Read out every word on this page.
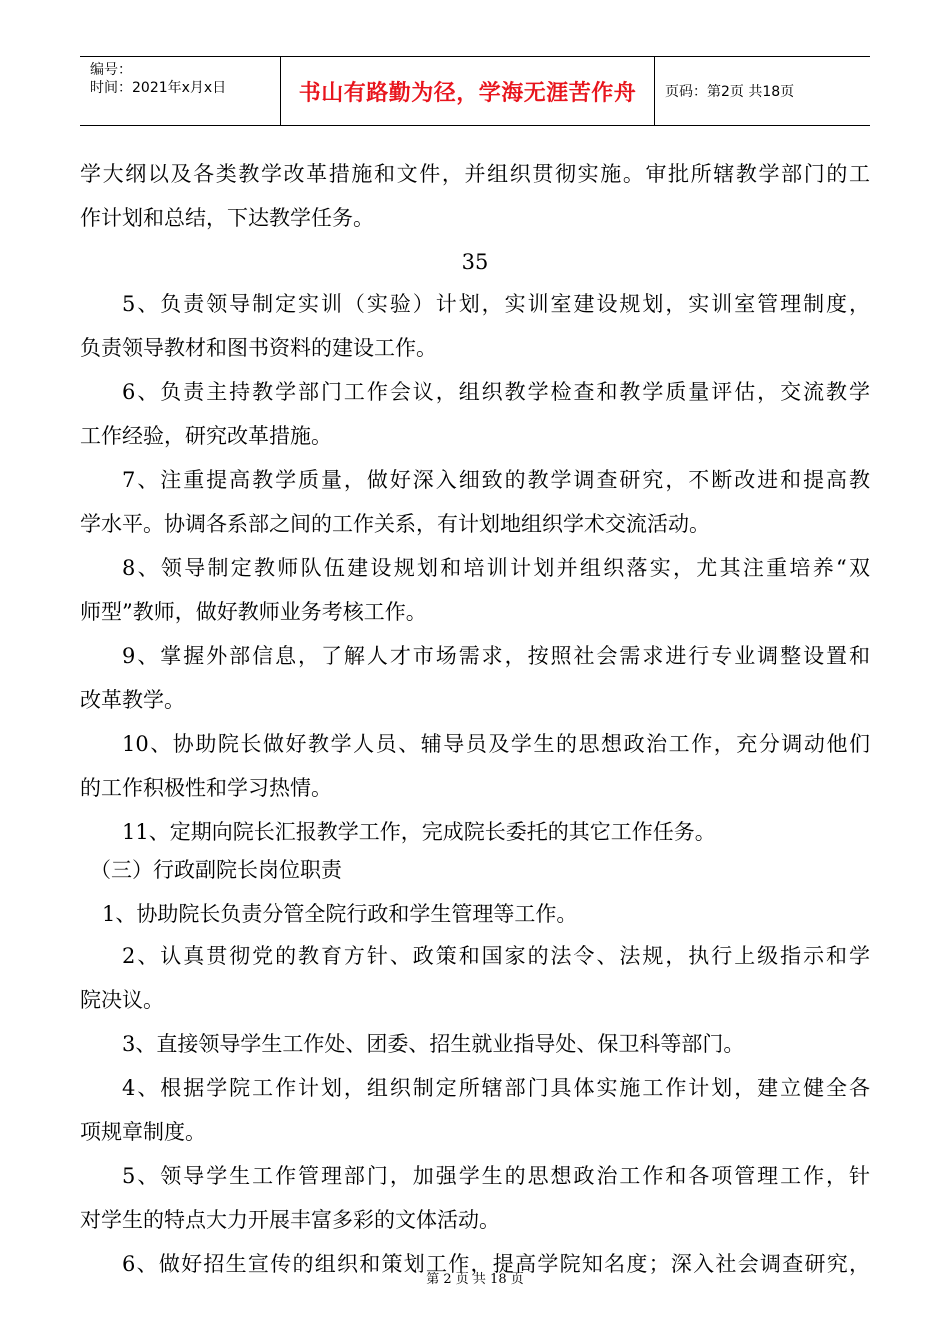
编号：
时间：2021年x月x日	书山有路勤为径，学海无涯苦作舟	页码：第2页 共18页
学大纲以及各类教学改革措施和文件，并组织贯彻实施。审批所辖教学部门的工
作计划和总结，下达教学任务。
35
5、负责领导制定实训（实验）计划，实训室建设规划，实训室管理制度，
负责领导教材和图书资料的建设工作。
6、负责主持教学部门工作会议，组织教学检查和教学质量评估，交流教学
工作经验，研究改革措施。
7、注重提高教学质量，做好深入细致的教学调查研究，不断改进和提高教
学水平。协调各系部之间的工作关系，有计划地组织学术交流活动。
8、领导制定教师队伍建设规划和培训计划并组织落实，尤其注重培养“双
师型”教师，做好教师业务考核工作。
9、掌握外部信息，了解人才市场需求，按照社会需求进行专业调整设置和
改革教学。
10、协助院长做好教学人员、辅导员及学生的思想政治工作，充分调动他们
的工作积极性和学习热情。
11、定期向院长汇报教学工作，完成院长委托的其它工作任务。
（三）行政副院长岗位职责
1、协助院长负责分管全院行政和学生管理等工作。
2、认真贯彻党的教育方针、政策和国家的法令、法规，执行上级指示和学
院决议。
3、直接领导学生工作处、团委、招生就业指导处、保卫科等部门。
4、根据学院工作计划，组织制定所辖部门具体实施工作计划，建立健全各
项规章制度。
5、领导学生工作管理部门，加强学生的思想政治工作和各项管理工作，针
对学生的特点大力开展丰富多彩的文体活动。
6、做好招生宣传的组织和策划工作，提高学院知名度；深入社会调查研究，
第 2 页 共 18 页
